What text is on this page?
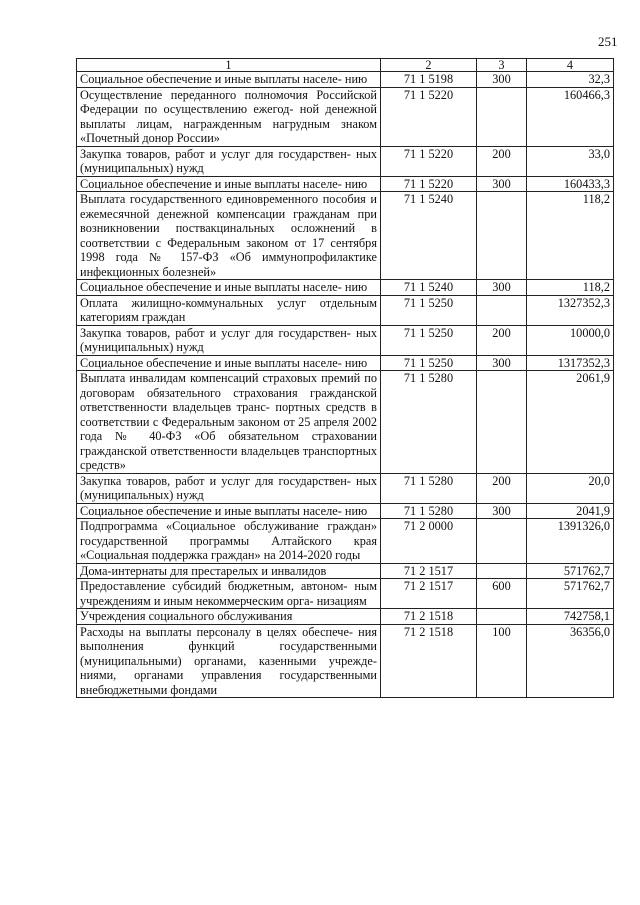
251
1	2	3	4
Социальное обеспечение и иные выплаты населе- нию	71 1 5198	300	32,3
Осуществление переданного полномочия Российской Федерации по осуществлению ежегод- ной денежной выплаты лицам, награжденным нагрудным знаком «Почетный донор России»	71 1 5220		160466,3
Закупка товаров, работ и услуг для государствен- ных (муниципальных) нужд	71 1 5220	200	33,0
Социальное обеспечение и иные выплаты населе- нию	71 1 5220	300	160433,3
Выплата государственного единовременного пособия и ежемесячной денежной компенсации гражданам при возникновении поствакцинальных осложнений в соответствии с Федеральным законом от 17 сентября 1998 года № 157-ФЗ «Об иммунопрофилактике инфекционных болезней»	71 1 5240		118,2
Социальное обеспечение и иные выплаты населе- нию	71 1 5240	300	118,2
Оплата жилищно-коммунальных услуг отдельным категориям граждан	71 1 5250		1327352,3
Закупка товаров, работ и услуг для государствен- ных (муниципальных) нужд	71 1 5250	200	10000,0
Социальное обеспечение и иные выплаты населе- нию	71 1 5250	300	1317352,3
Выплата инвалидам компенсаций страховых премий по договорам обязательного страхования гражданской ответственности владельцев транс- портных средств в соответствии с Федеральным законом от 25 апреля 2002 года № 40-ФЗ «Об обязательном страховании гражданской ответственности владельцев транспортных средств»	71 1 5280		2061,9
Закупка товаров, работ и услуг для государствен- ных (муниципальных) нужд	71 1 5280	200	20,0
Социальное обеспечение и иные выплаты населе- нию	71 1 5280	300	2041,9
Подпрограмма «Социальное обслуживание граждан» государственной программы Алтайского края «Социальная поддержка граждан» на 2014-2020 годы	71 2 0000		1391326,0
Дома-интернаты для престарелых и инвалидов	71 2 1517		571762,7
Предоставление субсидий бюджетным, автоном- ным учреждениям и иным некоммерческим орга- низациям	71 2 1517	600	571762,7
Учреждения социального обслуживания	71 2 1518		742758,1
Расходы на выплаты персоналу в целях обеспече- ния выполнения функций государственными (муниципальными) органами, казенными учрежде- ниями, органами управления государственными внебюджетными фондами	71 2 1518	100	36356,0
